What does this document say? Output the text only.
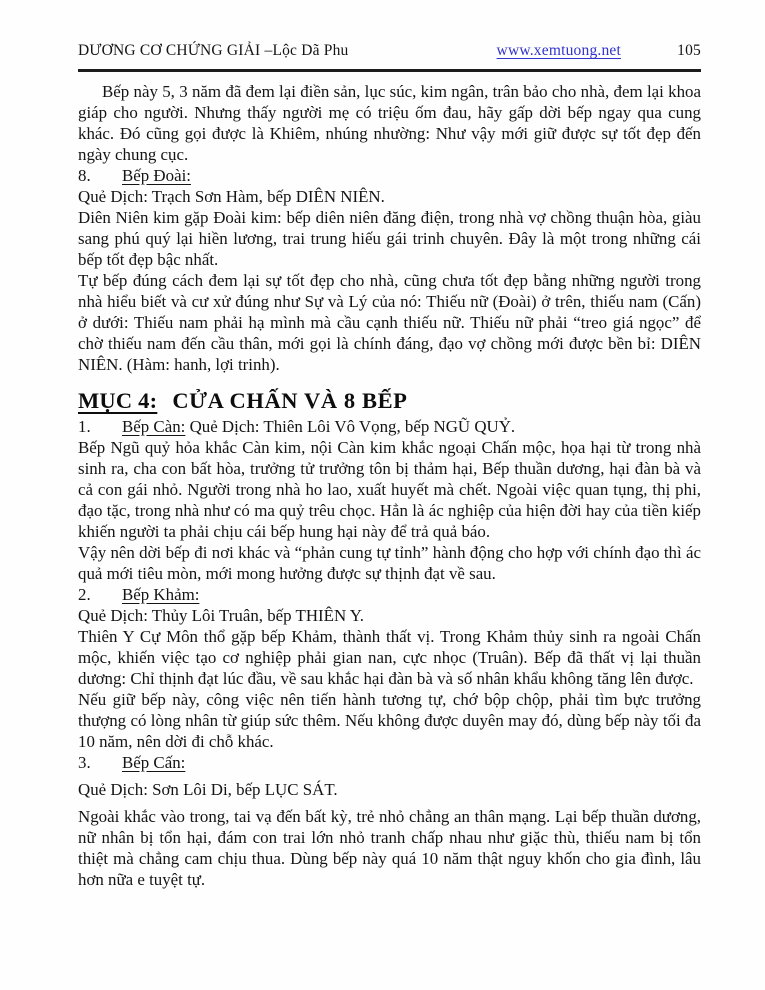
DƯƠNG CƠ CHỨNG GIẢI –Lộc Dã Phu	www.xemtuong.net	105

Bếp này 5, 3 năm đã đem lại điền sản, lục súc, kim ngân, trân bảo cho nhà, đem lại khoa giáp cho người. Nhưng thấy người mẹ có triệu ốm đau, hãy gấp dời bếp ngay qua cung khác. Đó cũng gọi được là Khiêm, nhúng nhường: Như vậy mới giữ được sự tốt đẹp đến ngày chung cục.

8. Bếp Đoài:

Quẻ Dịch: Trạch Sơn Hàm, bếp DIÊN NIÊN.

Diên Niên kim gặp Đoài kim: bếp diên niên đăng điện, trong nhà vợ chồng thuận hòa, giàu sang phú quý lại hiền lương, trai trung hiếu gái trinh chuyên. Đây là một trong những cái bếp tốt đẹp bậc nhất.

Tự bếp đúng cách đem lại sự tốt đẹp cho nhà, cũng chưa tốt đẹp bằng những người trong nhà hiểu biết và cư xử đúng như Sự và Lý của nó: Thiếu nữ (Đoài) ở trên, thiếu nam (Cấn) ở dưới: Thiếu nam phải hạ mình mà cầu cạnh thiếu nữ. Thiếu nữ phải “treo giá ngọc” để chờ thiếu nam đến cầu thân, mới gọi là chính đáng, đạo vợ chồng mới được bền bỉ: DIÊN NIÊN. (Hàm: hanh, lợi trinh).

MỤC 4: CỬA CHẤN VÀ 8 BẾP

1. Bếp Càn: Quẻ Dịch: Thiên Lôi Vô Vọng, bếp NGŨ QUỶ.

Bếp Ngũ quỷ hỏa khắc Càn kim, nội Càn kim khắc ngoại Chấn mộc, họa hại từ trong nhà sinh ra, cha con bất hòa, trưởng tử trưởng tôn bị thảm hại, Bếp thuần dương, hại đàn bà và cả con gái nhỏ. Người trong nhà ho lao, xuất huyết mà chết. Ngoài việc quan tụng, thị phi, đạo tặc, trong nhà như có ma quỷ trêu chọc. Hẳn là ác nghiệp của hiện đời hay của tiền kiếp khiến người ta phải chịu cái bếp hung hại này để trả quả báo.

Vậy nên dời bếp đi nơi khác và “phản cung tự tỉnh” hành động cho hợp với chính đạo thì ác quả mới tiêu mòn, mới mong hưởng được sự thịnh đạt về sau.

2. Bếp Khảm:

Quẻ Dịch: Thủy Lôi Truân, bếp THIÊN Y.

Thiên Y Cự Môn thổ gặp bếp Khảm, thành thất vị. Trong Khảm thủy sinh ra ngoài Chấn mộc, khiến việc tạo cơ nghiệp phải gian nan, cực nhọc (Truân). Bếp đã thất vị lại thuần dương: Chỉ thịnh đạt lúc đầu, về sau khắc hại đàn bà và số nhân khẩu không tăng lên được.

Nếu giữ bếp này, công việc nên tiến hành tương tự, chớ bộp chộp, phải tìm bực trưởng thượng có lòng nhân từ giúp sức thêm. Nếu không được duyên may đó, dùng bếp này tối đa 10 năm, nên dời đi chỗ khác.

3. Bếp Cấn:

Quẻ Dịch: Sơn Lôi Di, bếp LỤC SÁT.

Ngoài khắc vào trong, tai vạ đến bất kỳ, trẻ nhỏ chẳng an thân mạng. Lại bếp thuần dương, nữ nhân bị tổn hại, đám con trai lớn nhỏ tranh chấp nhau như giặc thù, thiếu nam bị tổn thiệt mà chẳng cam chịu thua. Dùng bếp này quá 10 năm thật nguy khốn cho gia đình, lâu hơn nữa e tuyệt tự.
